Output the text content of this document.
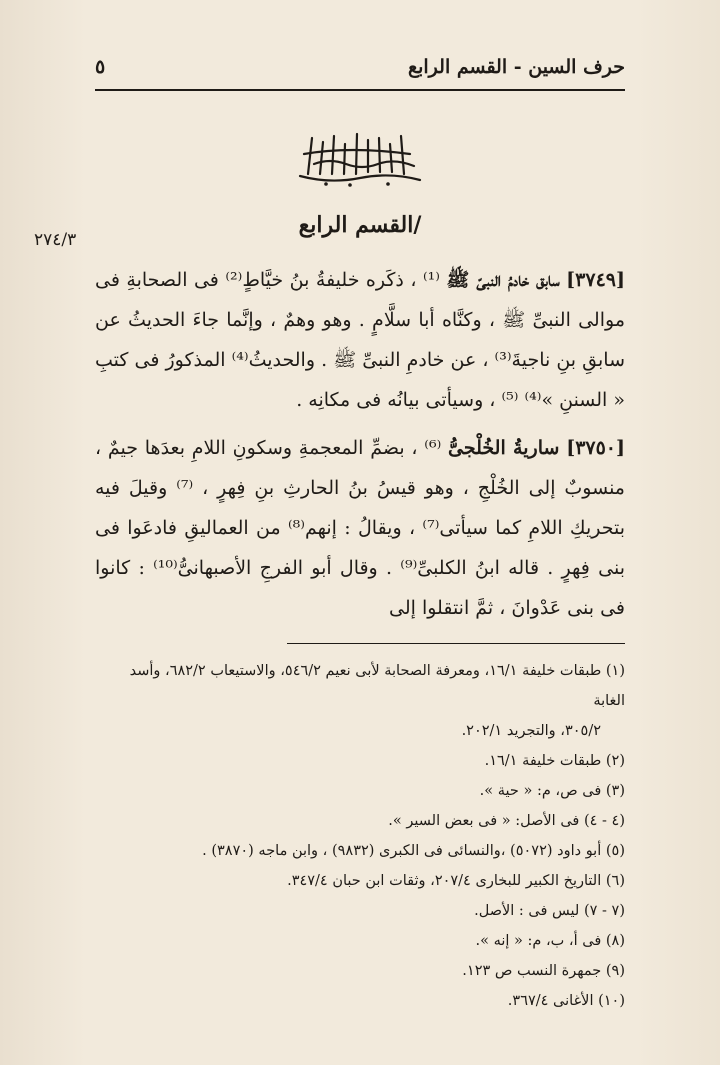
حرف السين - القسم الرابع
٥
٢٧٤/٣
/القسم الرابع

[٣٧٤٩] سابق خادمُ النبىّ ﷺ ⁽¹⁾ ، ذكَره خليفةُ بنُ خيَّاطٍ⁽²⁾ فى الصحابةِ فى موالى النبىِّ ﷺ ، وكنَّاه أبا سلَّامٍ . وهو وهمٌ ، وإنَّما جاءَ الحديثُ عن سابقِ بنِ ناجيةَ⁽³⁾ ، عن خادمِ النبىِّ ﷺ . والحديثُ⁽⁴⁾ المذكورُ فى كتبِ « السننِ »⁽⁴⁾ ⁽⁵⁾ ، وسيأتى بيانُه فى مكانِه .

[٣٧٥٠] ساريةُ الخُلْجىُّ ⁽⁶⁾ ، بضمِّ المعجمةِ وسكونِ اللامِ بعدَها جيمٌ ، منسوبٌ إلى الخُلْجِ ، وهو قيسُ بنُ الحارثِ بنِ فِهرٍ ، ⁽⁷⁾ وقيلَ فيه بتحريكِ اللامِ كما سيأتى⁽⁷⁾ ، ويقالُ : إنهم⁽⁸⁾ من العماليقِ فادعَوا فى بنى فِهرٍ . قاله ابنُ الكلبىِّ⁽⁹⁾ . وقال أبو الفرجِ الأصبهانىُّ⁽¹⁰⁾ : كانوا فى بنى عَدْوانَ ، ثمَّ انتقلوا إلى

(١) طبقات خليفة ١٦/١، ومعرفة الصحابة لأبى نعيم ٥٤٦/٢، والاستيعاب ٦٨٢/٢، وأسد الغابة

٣٠٥/٢، والتجريد ٢٠٢/١.

(٢) طبقات خليفة ١٦/١.

(٣) فى ص، م: « حية ».

(٤ - ٤) فى الأصل: « فى بعض السير ».

(٥) أبو داود (٥٠٧٢) ،والنسائى فى الكبرى (٩٨٣٢) ، وابن ماجه (٣٨٧٠) .

(٦) التاريخ الكبير للبخارى ٢٠٧/٤، وثقات ابن حبان ٣٤٧/٤.

(٧ - ٧) ليس فى : الأصل.

(٨) فى أ، ب، م: « إنه ».

(٩) جمهرة النسب ص ١٢٣.

(١٠) الأغانى ٣٦٧/٤.
